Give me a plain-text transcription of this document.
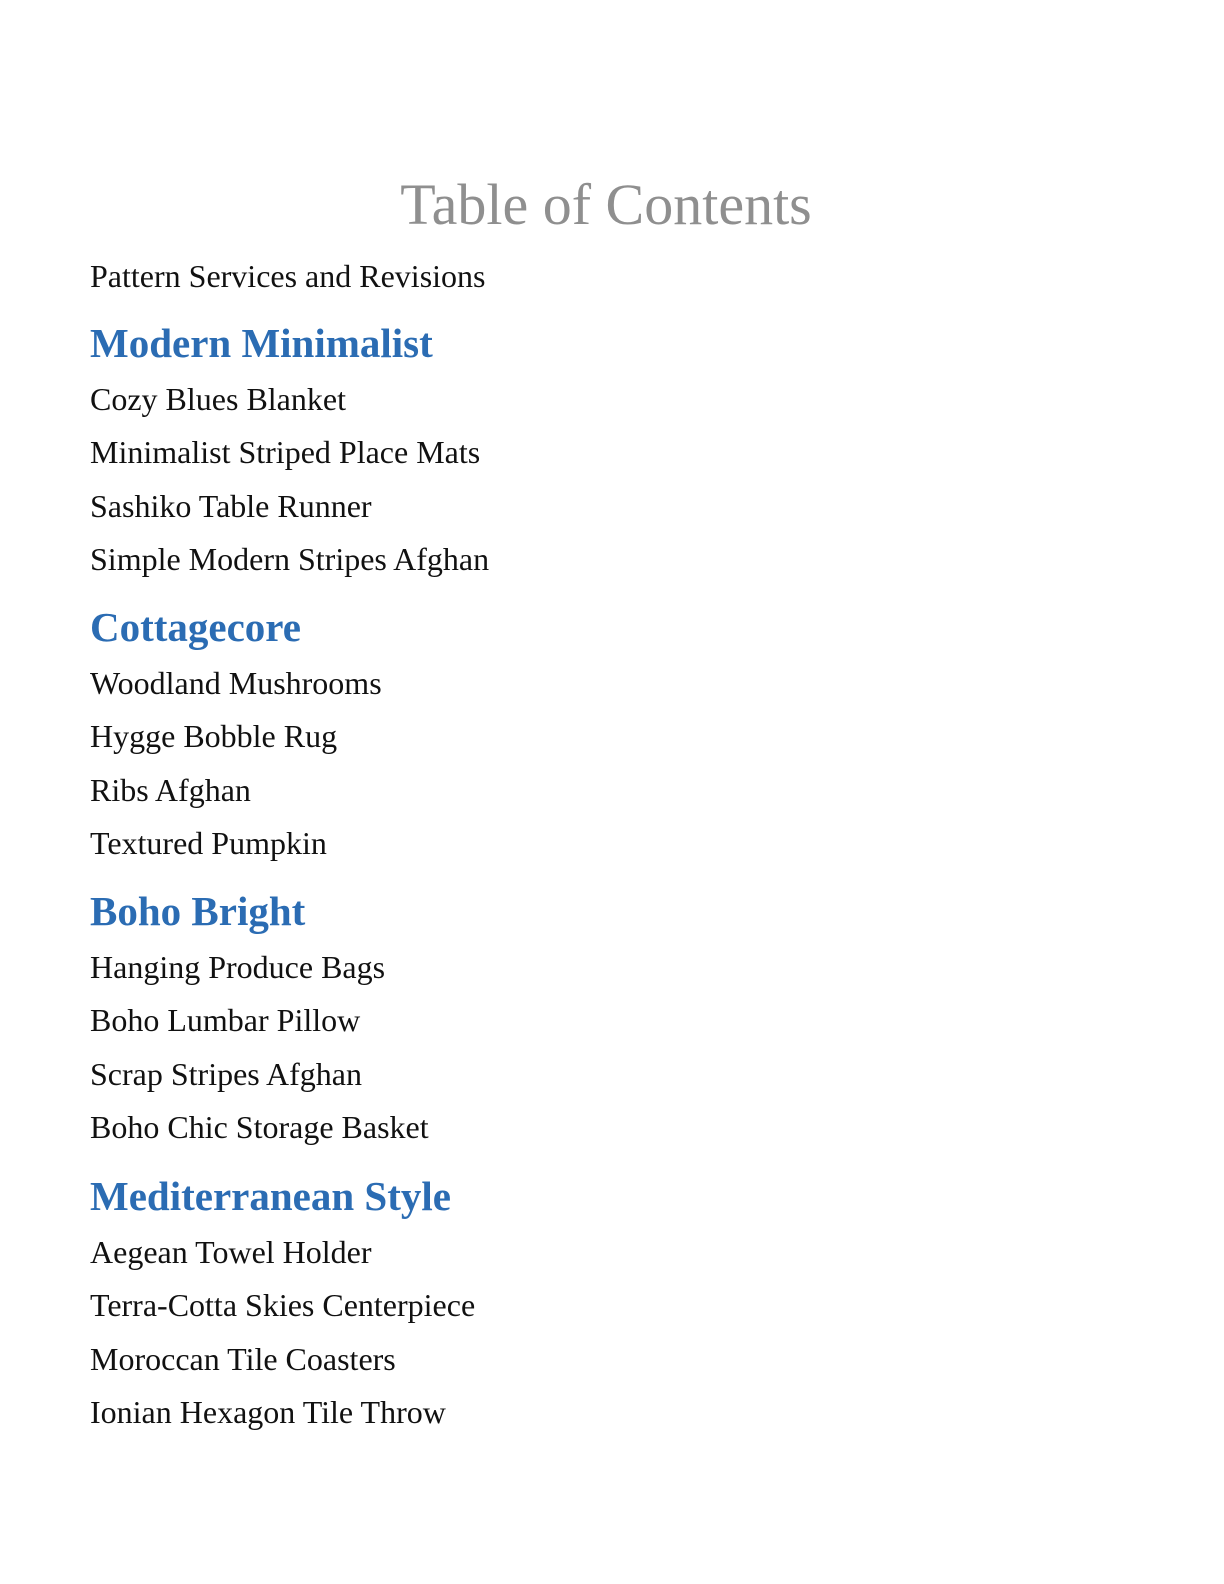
Table of Contents
Pattern Services and Revisions
Modern Minimalist
Cozy Blues Blanket
Minimalist Striped Place Mats
Sashiko Table Runner
Simple Modern Stripes Afghan
Cottagecore
Woodland Mushrooms
Hygge Bobble Rug
Ribs Afghan
Textured Pumpkin
Boho Bright
Hanging Produce Bags
Boho Lumbar Pillow
Scrap Stripes Afghan
Boho Chic Storage Basket
Mediterranean Style
Aegean Towel Holder
Terra-Cotta Skies Centerpiece
Moroccan Tile Coasters
Ionian Hexagon Tile Throw
